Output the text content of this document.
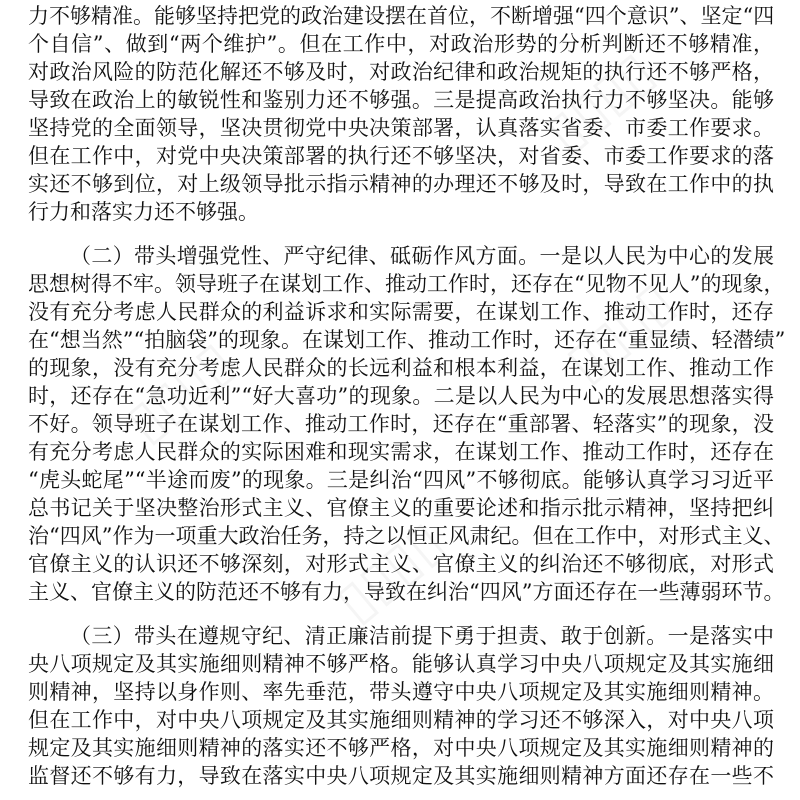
▯▯▯▯
▯▯▯▯
▯▯▯▯
▯▯▯▯
力不够精准。能够坚持把党的政治建设摆在首位，不断增强“四个意识”、坚定“四
个自信”、做到“两个维护”。但在工作中，对政治形势的分析判断还不够精准，
对政治风险的防范化解还不够及时，对政治纪律和政治规矩的执行还不够严格，
导致在政治上的敏锐性和鉴别力还不够强。三是提高政治执行力不够坚决。能够
坚持党的全面领导，坚决贯彻党中央决策部署，认真落实省委、市委工作要求。
但在工作中，对党中央决策部署的执行还不够坚决，对省委、市委工作要求的落
实还不够到位，对上级领导批示指示精神的办理还不够及时，导致在工作中的执
行力和落实力还不够强。
（二）带头增强党性、严守纪律、砥砺作风方面。一是以人民为中心的发展
思想树得不牢。领导班子在谋划工作、推动工作时，还存在“见物不见人”的现象，
没有充分考虑人民群众的利益诉求和实际需要，在谋划工作、推动工作时，还存
在“想当然”“拍脑袋”的现象。在谋划工作、推动工作时，还存在“重显绩、轻潜绩”
的现象，没有充分考虑人民群众的长远利益和根本利益，在谋划工作、推动工作
时，还存在“急功近利”“好大喜功”的现象。二是以人民为中心的发展思想落实得
不好。领导班子在谋划工作、推动工作时，还存在“重部署、轻落实”的现象，没
有充分考虑人民群众的实际困难和现实需求，在谋划工作、推动工作时，还存在
“虎头蛇尾”“半途而废”的现象。三是纠治“四风”不够彻底。能够认真学习习近平
总书记关于坚决整治形式主义、官僚主义的重要论述和指示批示精神，坚持把纠
治“四风”作为一项重大政治任务，持之以恒正风肃纪。但在工作中，对形式主义、
官僚主义的认识还不够深刻，对形式主义、官僚主义的纠治还不够彻底，对形式
主义、官僚主义的防范还不够有力，导致在纠治“四风”方面还存在一些薄弱环节。
（三）带头在遵规守纪、清正廉洁前提下勇于担责、敢于创新。一是落实中
央八项规定及其实施细则精神不够严格。能够认真学习中央八项规定及其实施细
则精神，坚持以身作则、率先垂范，带头遵守中央八项规定及其实施细则精神。
但在工作中，对中央八项规定及其实施细则精神的学习还不够深入，对中央八项
规定及其实施细则精神的落实还不够严格，对中央八项规定及其实施细则精神的
监督还不够有力，导致在落实中央八项规定及其实施细则精神方面还存在一些不
